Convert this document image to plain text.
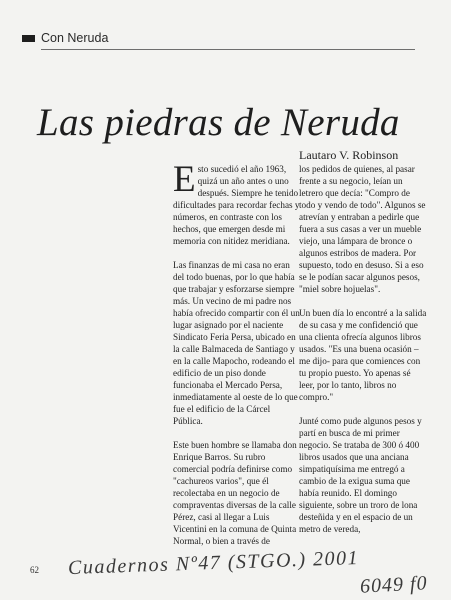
Con Neruda
Las piedras de Neruda
Lautaro V. Robinson

Esto sucedió el año 1963, quizá un año antes o uno después. Siempre he tenido dificultades para recordar fechas y números, en contraste con los hechos, que emergen desde mi memoria con nitidez meridiana.

Las finanzas de mi casa no eran del todo buenas, por lo que había que trabajar y esforzarse siempre más. Un vecino de mi padre nos había ofrecido compartir con él un lugar asignado por el naciente Sindicato Feria Persa, ubicado en la calle Balmaceda de Santiago y en la calle Mapocho, rodeando el edificio de un piso donde funcionaba el Mercado Persa, inmediatamente al oeste de lo que fue el edificio de la Cárcel Pública.

Este buen hombre se llamaba don Enrique Barros. Su rubro comercial podría definirse como "cachureos varios", que él recolectaba en un negocio de compraventas diversas de la calle Pérez, casi al llegar a Luis Vicentini en la comuna de Quinta Normal, o bien a través de

los pedidos de quienes, al pasar frente a su negocio, leían un letrero que decía: "Compro de todo y vendo de todo". Algunos se atrevían y entraban a pedirle que fuera a sus casas a ver un mueble viejo, una lámpara de bronce o algunos estribos de madera. Por supuesto, todo en desuso. Si a eso se le podían sacar algunos pesos, "miel sobre hojuelas".

Un buen día lo encontré a la salida de su casa y me confidenció que una clienta ofrecía algunos libros usados. "Es una buena ocasión –me dijo- para que comiences con tu propio puesto. Yo apenas sé leer, por lo tanto, libros no compro."

Junté como pude algunos pesos y partí en busca de mi primer negocio. Se trataba de 300 ó 400 libros usados que una anciana simpatiquísima me entregó a cambio de la exigua suma que había reunido. El domingo siguiente, sobre un troro de lona desteñida y en el espacio de un metro de vereda,

62 Cuadernos Nº47 (STGO.) 2001
6049 f0
